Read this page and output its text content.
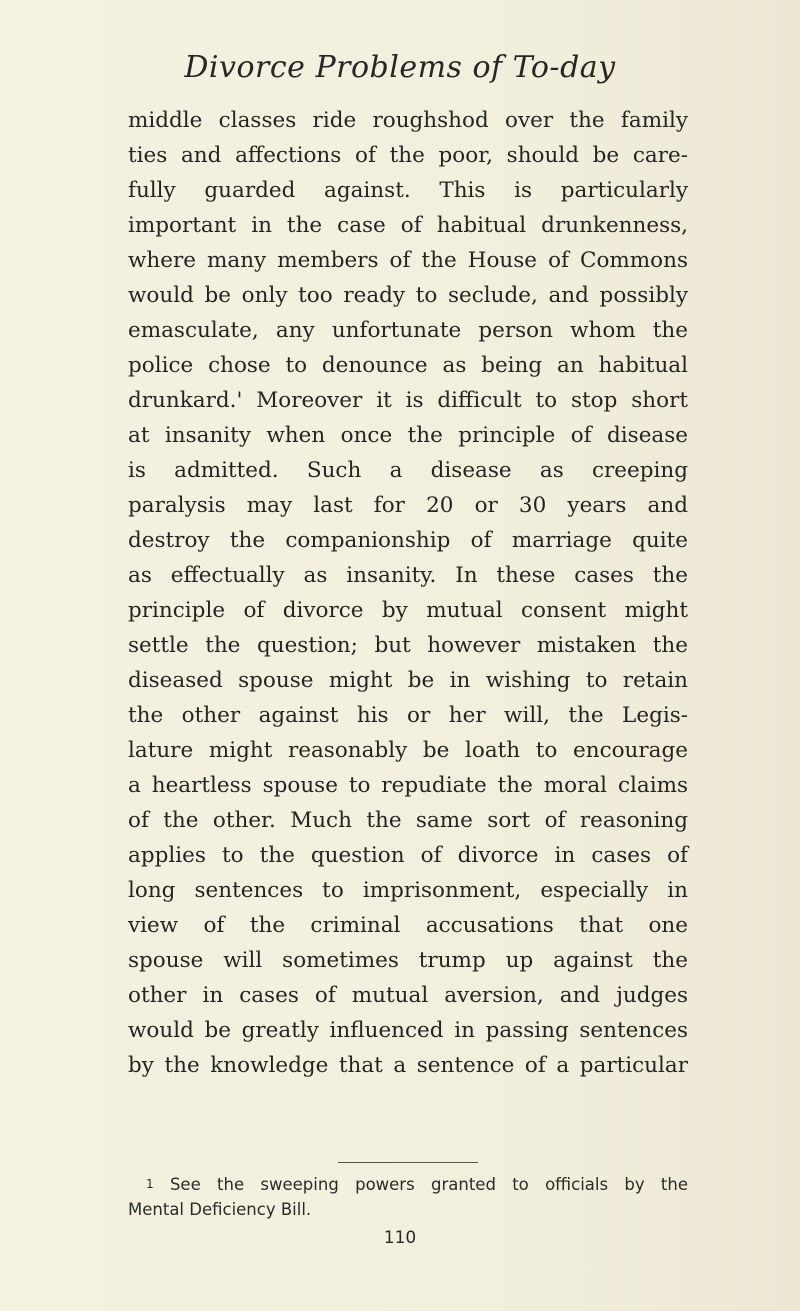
Divorce Problems of To-day
middle classes ride roughshod over the family
ties and affections of the poor, should be care-
fully guarded against. This is particularly
important in the case of habitual drunkenness,
where many members of the House of Commons
would be only too ready to seclude, and possibly
emasculate, any unfortunate person whom the
police chose to denounce as being an habitual
drunkard.' Moreover it is difficult to stop short
at insanity when once the principle of disease
is admitted. Such a disease as creeping
paralysis may last for 20 or 30 years and
destroy the companionship of marriage quite
as effectually as insanity. In these cases the
principle of divorce by mutual consent might
settle the question; but however mistaken the
diseased spouse might be in wishing to retain
the other against his or her will, the Legis-
lature might reasonably be loath to encourage
a heartless spouse to repudiate the moral claims
of the other. Much the same sort of reasoning
applies to the question of divorce in cases of
long sentences to imprisonment, especially in
view of the criminal accusations that one
spouse will sometimes trump up against the
other in cases of mutual aversion, and judges
would be greatly influenced in passing sentences
by the knowledge that a sentence of a particular
1 See the sweeping powers granted to officials by the
Mental Deficiency Bill.
110
